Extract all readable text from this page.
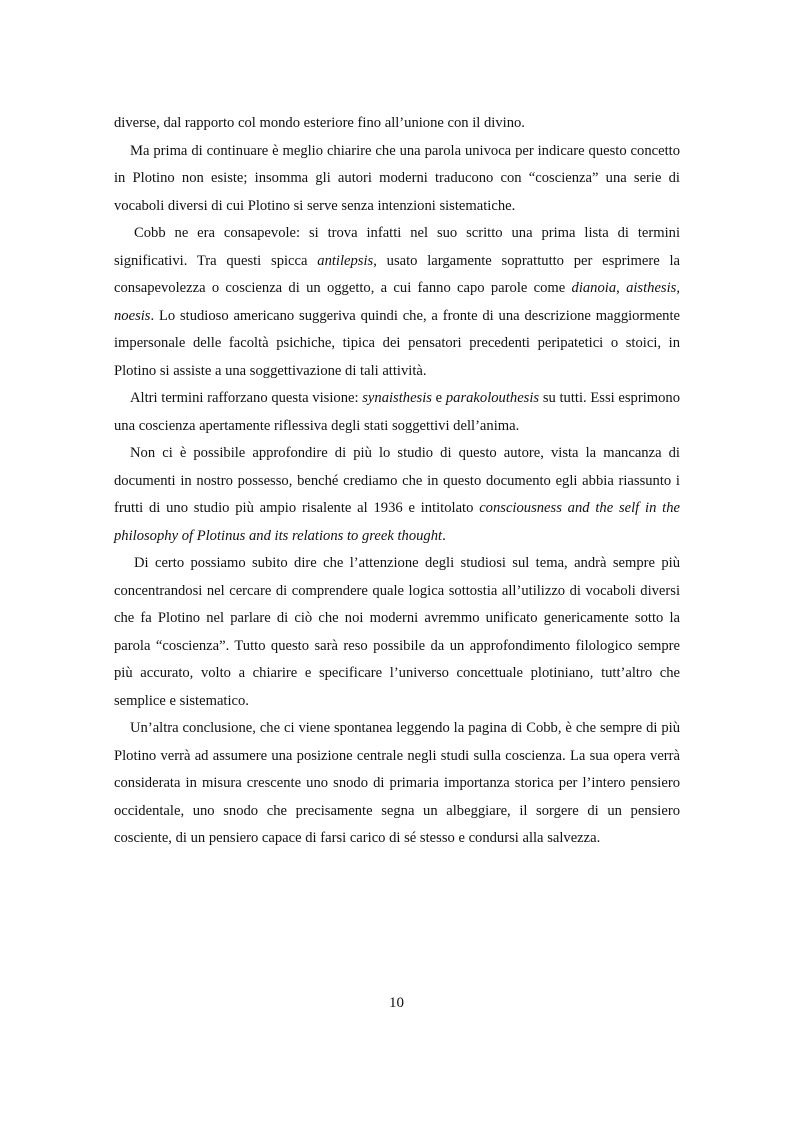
diverse, dal rapporto col mondo esteriore fino all’unione con il divino.

Ma prima di continuare è meglio chiarire che una parola univoca per indicare questo concetto in Plotino non esiste; insomma gli autori moderni traducono con “coscienza” una serie di vocaboli diversi di cui Plotino si serve senza intenzioni sistematiche.

Cobb ne era consapevole: si trova infatti nel suo scritto una prima lista di termini significativi. Tra questi spicca antilepsis, usato largamente soprattutto per esprimere la consapevolezza o coscienza di un oggetto, a cui fanno capo parole come dianoia, aisthesis, noesis. Lo studioso americano suggeriva quindi che, a fronte di una descrizione maggiormente impersonale delle facoltà psichiche, tipica dei pensatori precedenti peripatetici o stoici, in Plotino si assiste a una soggettivazione di tali attività.

Altri termini rafforzano questa visione: synaisthesis e parakolouthesis su tutti. Essi esprimono una coscienza apertamente riflessiva degli stati soggettivi dell’anima.

Non ci è possibile approfondire di più lo studio di questo autore, vista la mancanza di documenti in nostro possesso, benché crediamo che in questo documento egli abbia riassunto i frutti di uno studio più ampio risalente al 1936 e intitolato consciousness and the self in the philosophy of Plotinus and its relations to greek thought.

Di certo possiamo subito dire che l’attenzione degli studiosi sul tema, andrà sempre più concentrandosi nel cercare di comprendere quale logica sottostia all’utilizzo di vocaboli diversi che fa Plotino nel parlare di ciò che noi moderni avremmo unificato genericamente sotto la parola “coscienza”. Tutto questo sarà reso possibile da un approfondimento filologico sempre più accurato, volto a chiarire e specificare l’universo concettuale plotiniano, tutt’altro che semplice e sistematico.

Un’altra conclusione, che ci viene spontanea leggendo la pagina di Cobb, è che sempre di più Plotino verrà ad assumere una posizione centrale negli studi sulla coscienza. La sua opera verrà considerata in misura crescente uno snodo di primaria importanza storica per l’intero pensiero occidentale, uno snodo che precisamente segna un albeggiare, il sorgere di un pensiero cosciente, di un pensiero capace di farsi carico di sé stesso e condursi alla salvezza.

10
